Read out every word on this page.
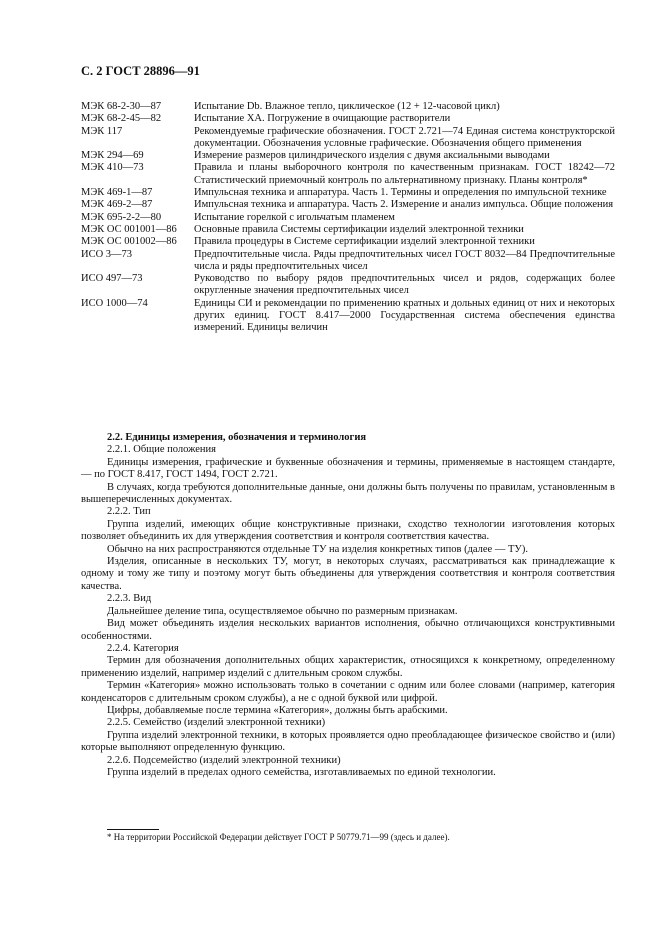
С. 2 ГОСТ 28896—91
МЭК 68-2-30—87	Испытание Db. Влажное тепло, циклическое (12 + 12-часовой цикл)
МЭК 68-2-45—82	Испытание ХА. Погружение в очищающие растворители
МЭК 117	Рекомендуемые графические обозначения. ГОСТ 2.721—74 Единая система конструкторской документации. Обозначения условные графические. Обозначения общего применения
МЭК 294—69	Измерение размеров цилиндрического изделия с двумя аксиальными выводами
МЭК 410—73	Правила и планы выборочного контроля по качественным признакам. ГОСТ 18242—72 Статистический приемочный контроль по альтернативному признаку. Планы контроля*
МЭК 469-1—87	Импульсная техника и аппаратура. Часть 1. Термины и определения по импульсной технике
МЭК 469-2—87	Импульсная техника и аппаратура. Часть 2. Измерение и анализ импульса. Общие положения
МЭК 695-2-2—80	Испытание горелкой с игольчатым пламенем
МЭК ОС 001001—86	Основные правила Системы сертификации изделий электронной техники
МЭК ОС 001002—86	Правила процедуры в Системе сертификации изделий электронной техники
ИСО 3—73	Предпочтительные числа. Ряды предпочтительных чисел ГОСТ 8032—84 Предпочтительные числа и ряды предпочтительных чисел
ИСО 497—73	Руководство по выбору рядов предпочтительных чисел и рядов, содержащих более округленные значения предпочтительных чисел
ИСО 1000—74	Единицы СИ и рекомендации по применению кратных и дольных единиц от них и некоторых других единиц. ГОСТ 8.417—2000 Государственная система обеспечения единства измерений. Единицы величин

2.2. Единицы измерения, обозначения и терминология

2.2.1. Общие положения

Единицы измерения, графические и буквенные обозначения и термины, применяемые в настоящем стандарте, — по ГОСТ 8.417, ГОСТ 1494, ГОСТ 2.721.

В случаях, когда требуются дополнительные данные, они должны быть получены по правилам, установленным в вышеперечисленных документах.

2.2.2. Тип

Группа изделий, имеющих общие конструктивные признаки, сходство технологии изготовления которых позволяет объединить их для утверждения соответствия и контроля соответствия качества.

Обычно на них распространяются отдельные ТУ на изделия конкретных типов (далее — ТУ).

Изделия, описанные в нескольких ТУ, могут, в некоторых случаях, рассматриваться как принадлежащие к одному и тому же типу и поэтому могут быть объединены для утверждения соответствия и контроля соответствия качества.

2.2.3. Вид

Дальнейшее деление типа, осуществляемое обычно по размерным признакам.

Вид может объединять изделия нескольких вариантов исполнения, обычно отличающихся конструктивными особенностями.

2.2.4. Категория

Термин для обозначения дополнительных общих характеристик, относящихся к конкретному, определенному применению изделий, например изделий с длительным сроком службы.

Термин «Категория» можно использовать только в сочетании с одним или более словами (например, категория конденсаторов с длительным сроком службы), а не с одной буквой или цифрой.

Цифры, добавляемые после термина «Категория», должны быть арабскими.

2.2.5. Семейство (изделий электронной техники)

Группа изделий электронной техники, в которых проявляется одно преобладающее физическое свойство и (или) которые выполняют определенную функцию.

2.2.6. Подсемейство (изделий электронной техники)

Группа изделий в пределах одного семейства, изготавливаемых по единой технологии.

* На территории Российской Федерации действует ГОСТ Р 50779.71—99 (здесь и далее).
